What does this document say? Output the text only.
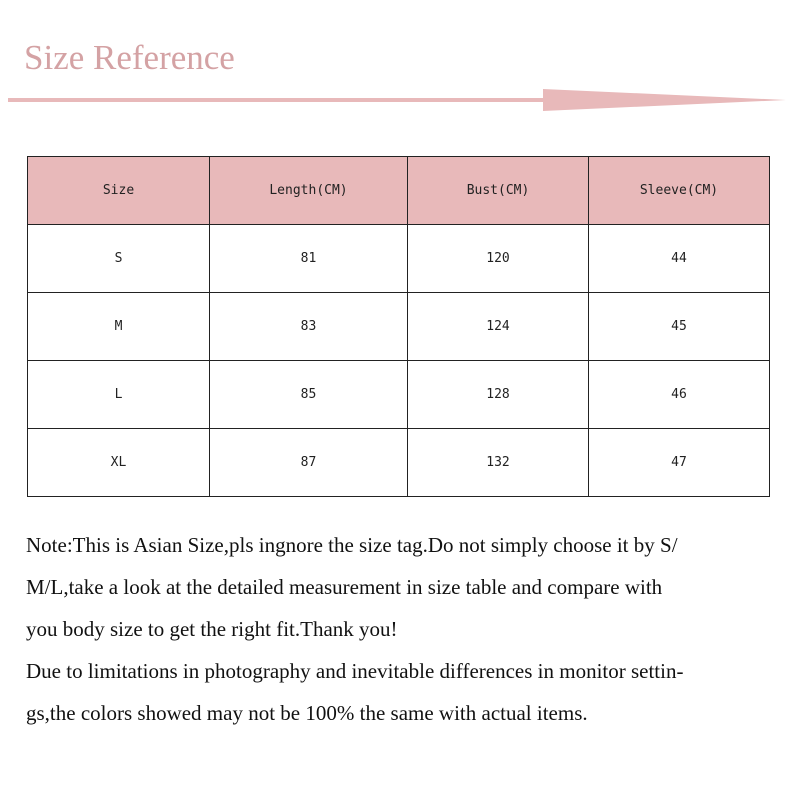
Size Reference
Size	Length(CM)	Bust(CM)	Sleeve(CM)
S	81	120	44
M	83	124	45
L	85	128	46
XL	87	132	47

Note:This is Asian Size,pls ingnore the size tag.Do not simply choose it by S/

M/L,take a look at the detailed measurement in size table and compare with

you body size to get the right fit.Thank you!

Due to limitations in photography and inevitable differences in monitor settin-

gs,the colors showed may not be 100% the same with actual items.
